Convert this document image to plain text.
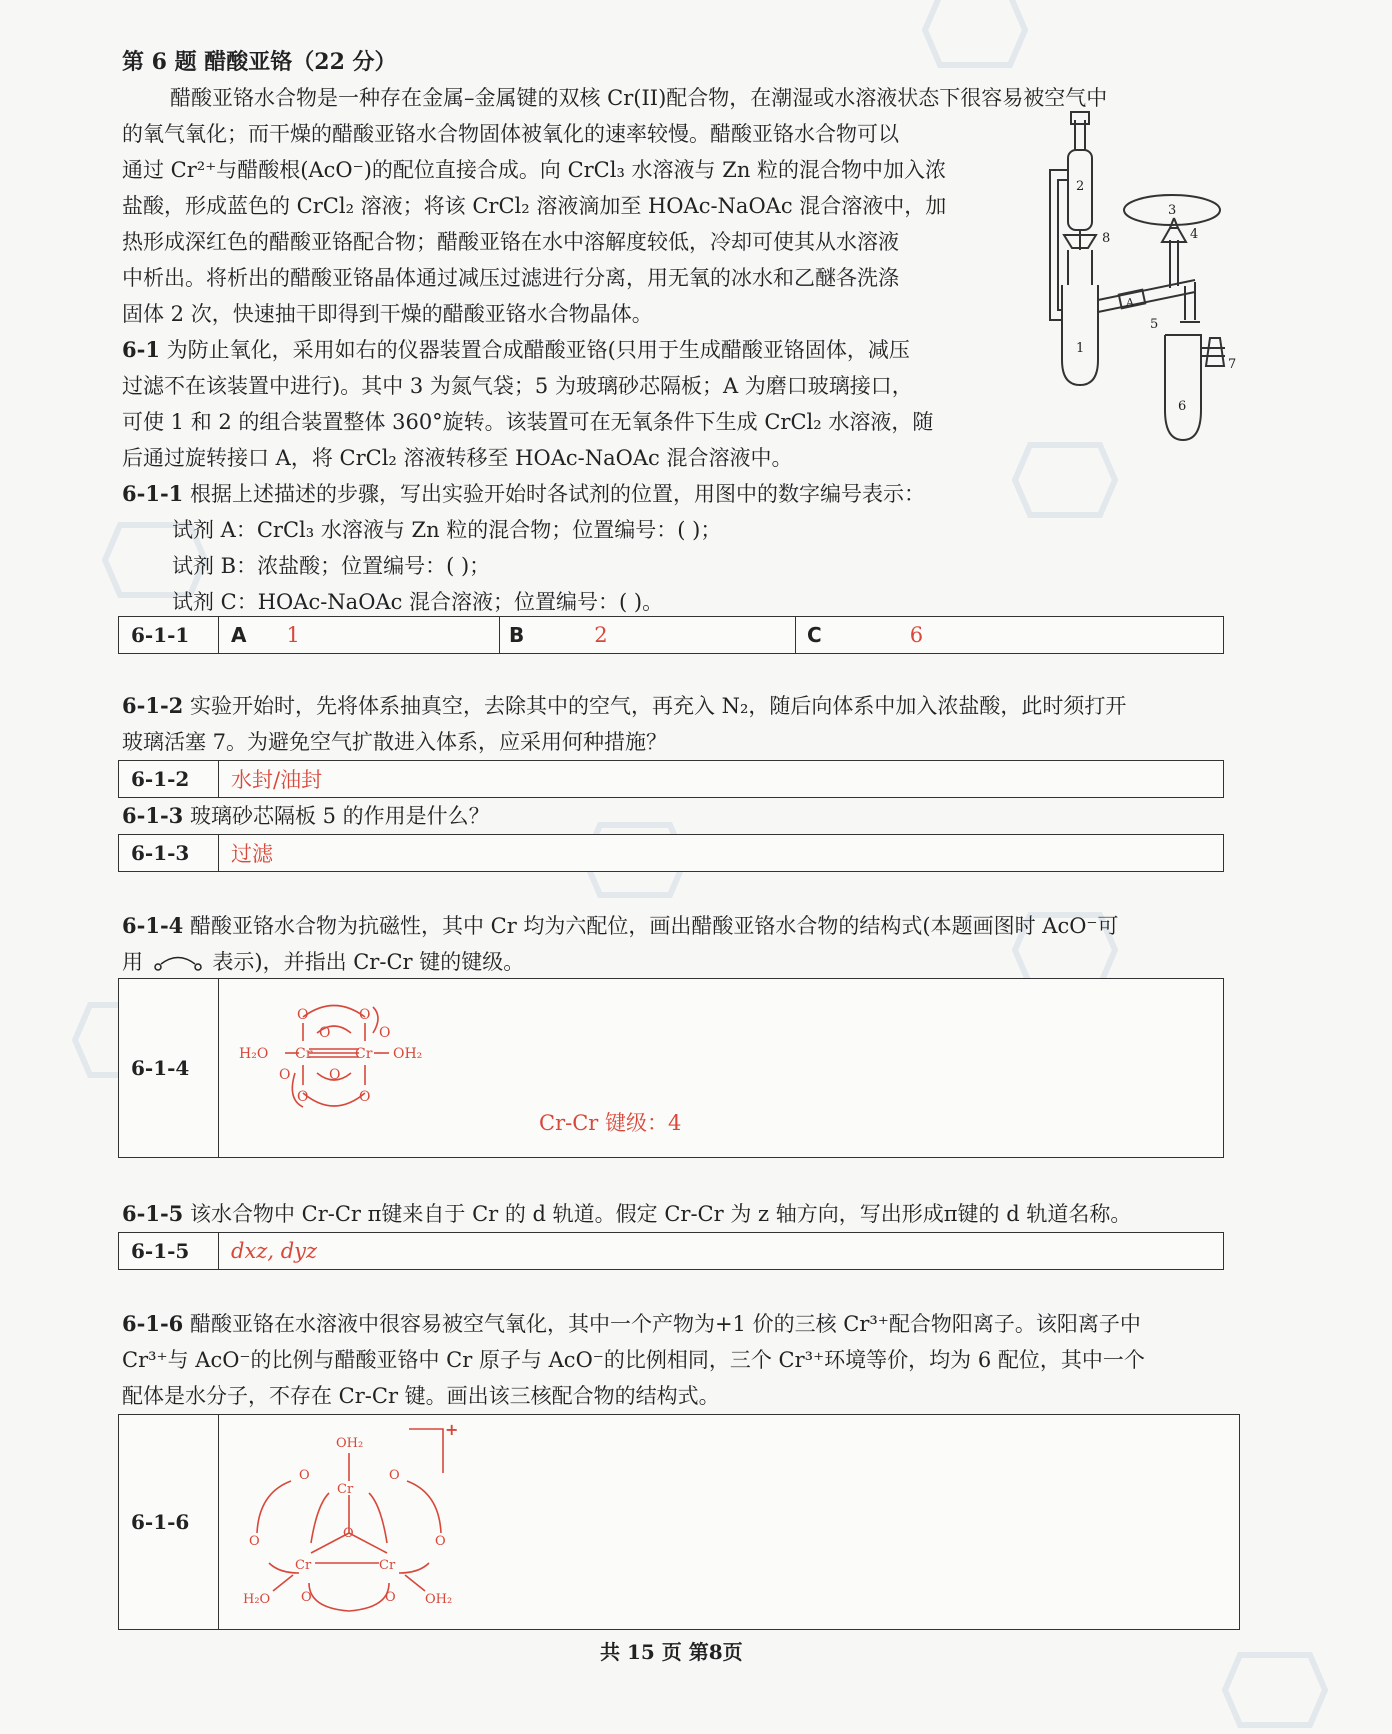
第 6 题 醋酸亚铬（22 分）
醋酸亚铬水合物是一种存在金属–金属键的双核 Cr(II)配合物，在潮湿或水溶液状态下很容易被空气中
的氧气氧化；而干燥的醋酸亚铬水合物固体被氧化的速率较慢。醋酸亚铬水合物可以
通过 Cr²⁺与醋酸根(AcO⁻)的配位直接合成。向 CrCl₃ 水溶液与 Zn 粒的混合物中加入浓
盐酸，形成蓝色的 CrCl₂ 溶液；将该 CrCl₂ 溶液滴加至 HOAc-NaOAc 混合溶液中，加
热形成深红色的醋酸亚铬配合物；醋酸亚铬在水中溶解度较低，冷却可使其从水溶液
中析出。将析出的醋酸亚铬晶体通过减压过滤进行分离，用无氧的冰水和乙醚各洗涤
固体 2 次，快速抽干即得到干燥的醋酸亚铬水合物晶体。
6-1 为防止氧化，采用如右的仪器装置合成醋酸亚铬(只用于生成醋酸亚铬固体，减压
过滤不在该装置中进行)。其中 3 为氮气袋；5 为玻璃砂芯隔板；A 为磨口玻璃接口，
可使 1 和 2 的组合装置整体 360°旋转。该装置可在无氧条件下生成 CrCl₂ 水溶液，随
后通过旋转接口 A，将 CrCl₂ 溶液转移至 HOAc-NaOAc 混合溶液中。
1
2
3
4
5
6
7
8
A
6-1-1 根据上述描述的步骤，写出实验开始时各试剂的位置，用图中的数字编号表示：
试剂 A：CrCl₃ 水溶液与 Zn 粒的混合物；位置编号：( )；
试剂 B：浓盐酸；位置编号：( )；
试剂 C：HOAc-NaOAc 混合溶液；位置编号：( )。
6-1-1	A 1	B	2	C	6
6-1-2 实验开始时，先将体系抽真空，去除其中的空气，再充入 N₂，随后向体系中加入浓盐酸，此时须打开
玻璃活塞 7。为避免空气扩散进入体系，应采用何种措施？
6-1-2	水封/油封
6-1-3 玻璃砂芯隔板 5 的作用是什么？
6-1-3	过滤
6-1-4 醋酸亚铬水合物为抗磁性，其中 Cr 均为六配位，画出醋酸亚铬水合物的结构式(本题画图时 AcO⁻可
用	表示)，并指出 Cr-Cr 键的键级。
6-1-4
H₂O Cr	Cr OH₂
O	O
O	O
O	O
O	O
Cr-Cr 键级：4
6-1-5 该水合物中 Cr-Cr π键来自于 Cr 的 d 轨道。假定 Cr-Cr 为 z 轴方向，写出形成π键的 d 轨道名称。
6-1-5	dxz, dyz
6-1-6 醋酸亚铬在水溶液中很容易被空气氧化，其中一个产物为+1 价的三核 Cr³⁺配合物阳离子。该阳离子中
Cr³⁺与 AcO⁻的比例与醋酸亚铬中 Cr 原子与 AcO⁻的比例相同，三个 Cr³⁺环境等价，均为 6 配位，其中一个
配体是水分子，不存在 Cr-Cr 键。画出该三核配合物的结构式。
6-1-6
OH₂
Cr
Cr	Cr
H₂O	OH₂
O
O	O
O	O
O	O
+
共 15 页 第8页
